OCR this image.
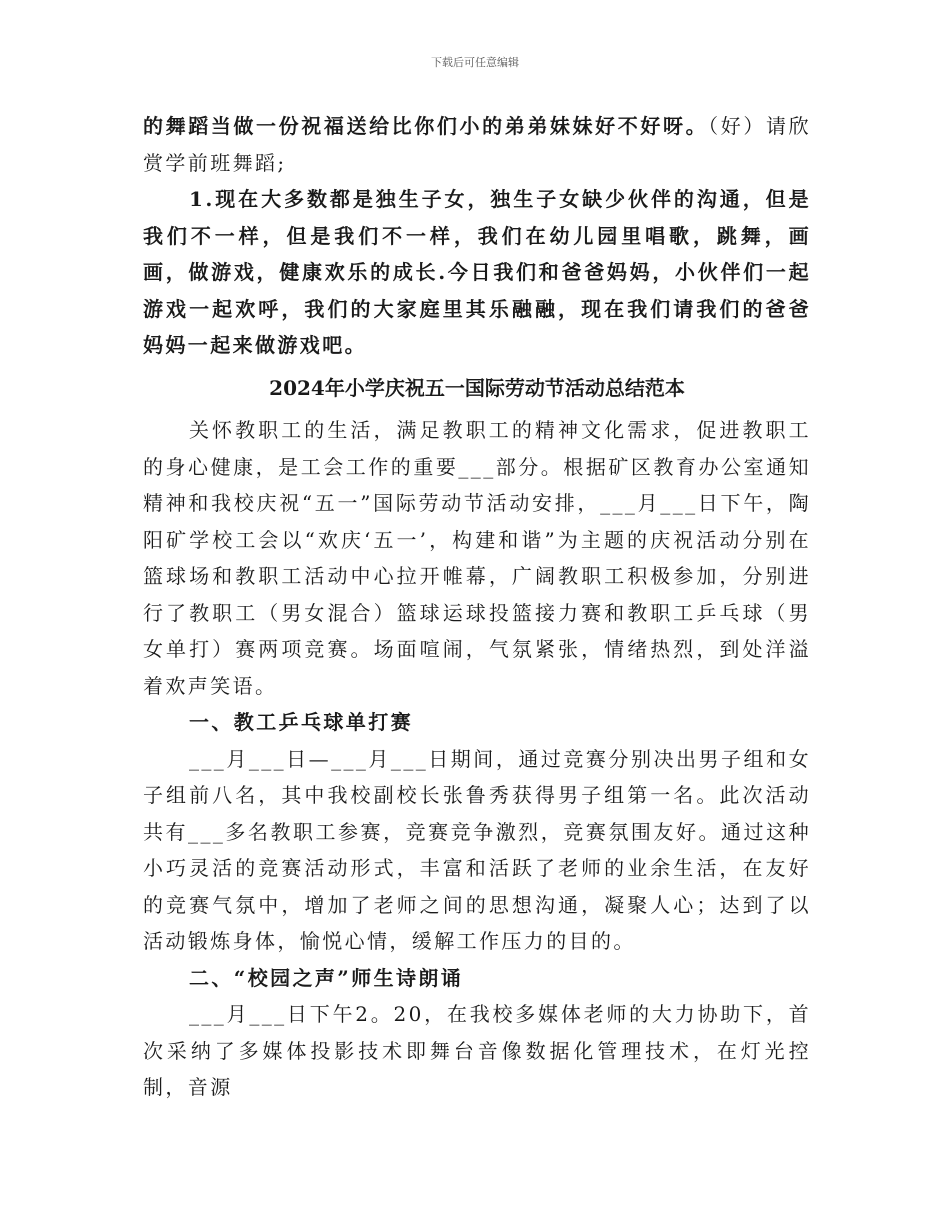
下载后可任意编辑

的舞蹈当做一份祝福送给比你们小的弟弟妹妹好不好呀。（好）请欣赏学前班舞蹈;

1.现在大多数都是独生子女，独生子女缺少伙伴的沟通，但是我们不一样，但是我们不一样，我们在幼儿园里唱歌，跳舞，画画，做游戏，健康欢乐的成长.今日我们和爸爸妈妈，小伙伴们一起游戏一起欢呼，我们的大家庭里其乐融融，现在我们请我们的爸爸妈妈一起来做游戏吧。

2024年小学庆祝五一国际劳动节活动总结范本

关怀教职工的生活，满足教职工的精神文化需求，促进教职工的身心健康，是工会工作的重要___部分。根据矿区教育办公室通知精神和我校庆祝“五一”国际劳动节活动安排，___月___日下午，陶阳矿学校工会以“欢庆‘五一’，构建和谐”为主题的庆祝活动分别在篮球场和教职工活动中心拉开帷幕，广阔教职工积极参加，分别进行了教职工（男女混合）篮球运球投篮接力赛和教职工乒乓球（男女单打）赛两项竞赛。场面喧闹，气氛紧张，情绪热烈，到处洋溢着欢声笑语。

一、教工乒乓球单打赛

___月___日—___月___日期间，通过竞赛分别决出男子组和女子组前八名，其中我校副校长张鲁秀获得男子组第一名。此次活动共有___多名教职工参赛，竞赛竞争激烈，竞赛氛围友好。通过这种小巧灵活的竞赛活动形式，丰富和活跃了老师的业余生活，在友好的竞赛气氛中，增加了老师之间的思想沟通，凝聚人心；达到了以活动锻炼身体，愉悦心情，缓解工作压力的目的。

二、“校园之声”师生诗朗诵

___月___日下午2。20，在我校多媒体老师的大力协助下，首次采纳了多媒体投影技术即舞台音像数据化管理技术，在灯光控制，音源
